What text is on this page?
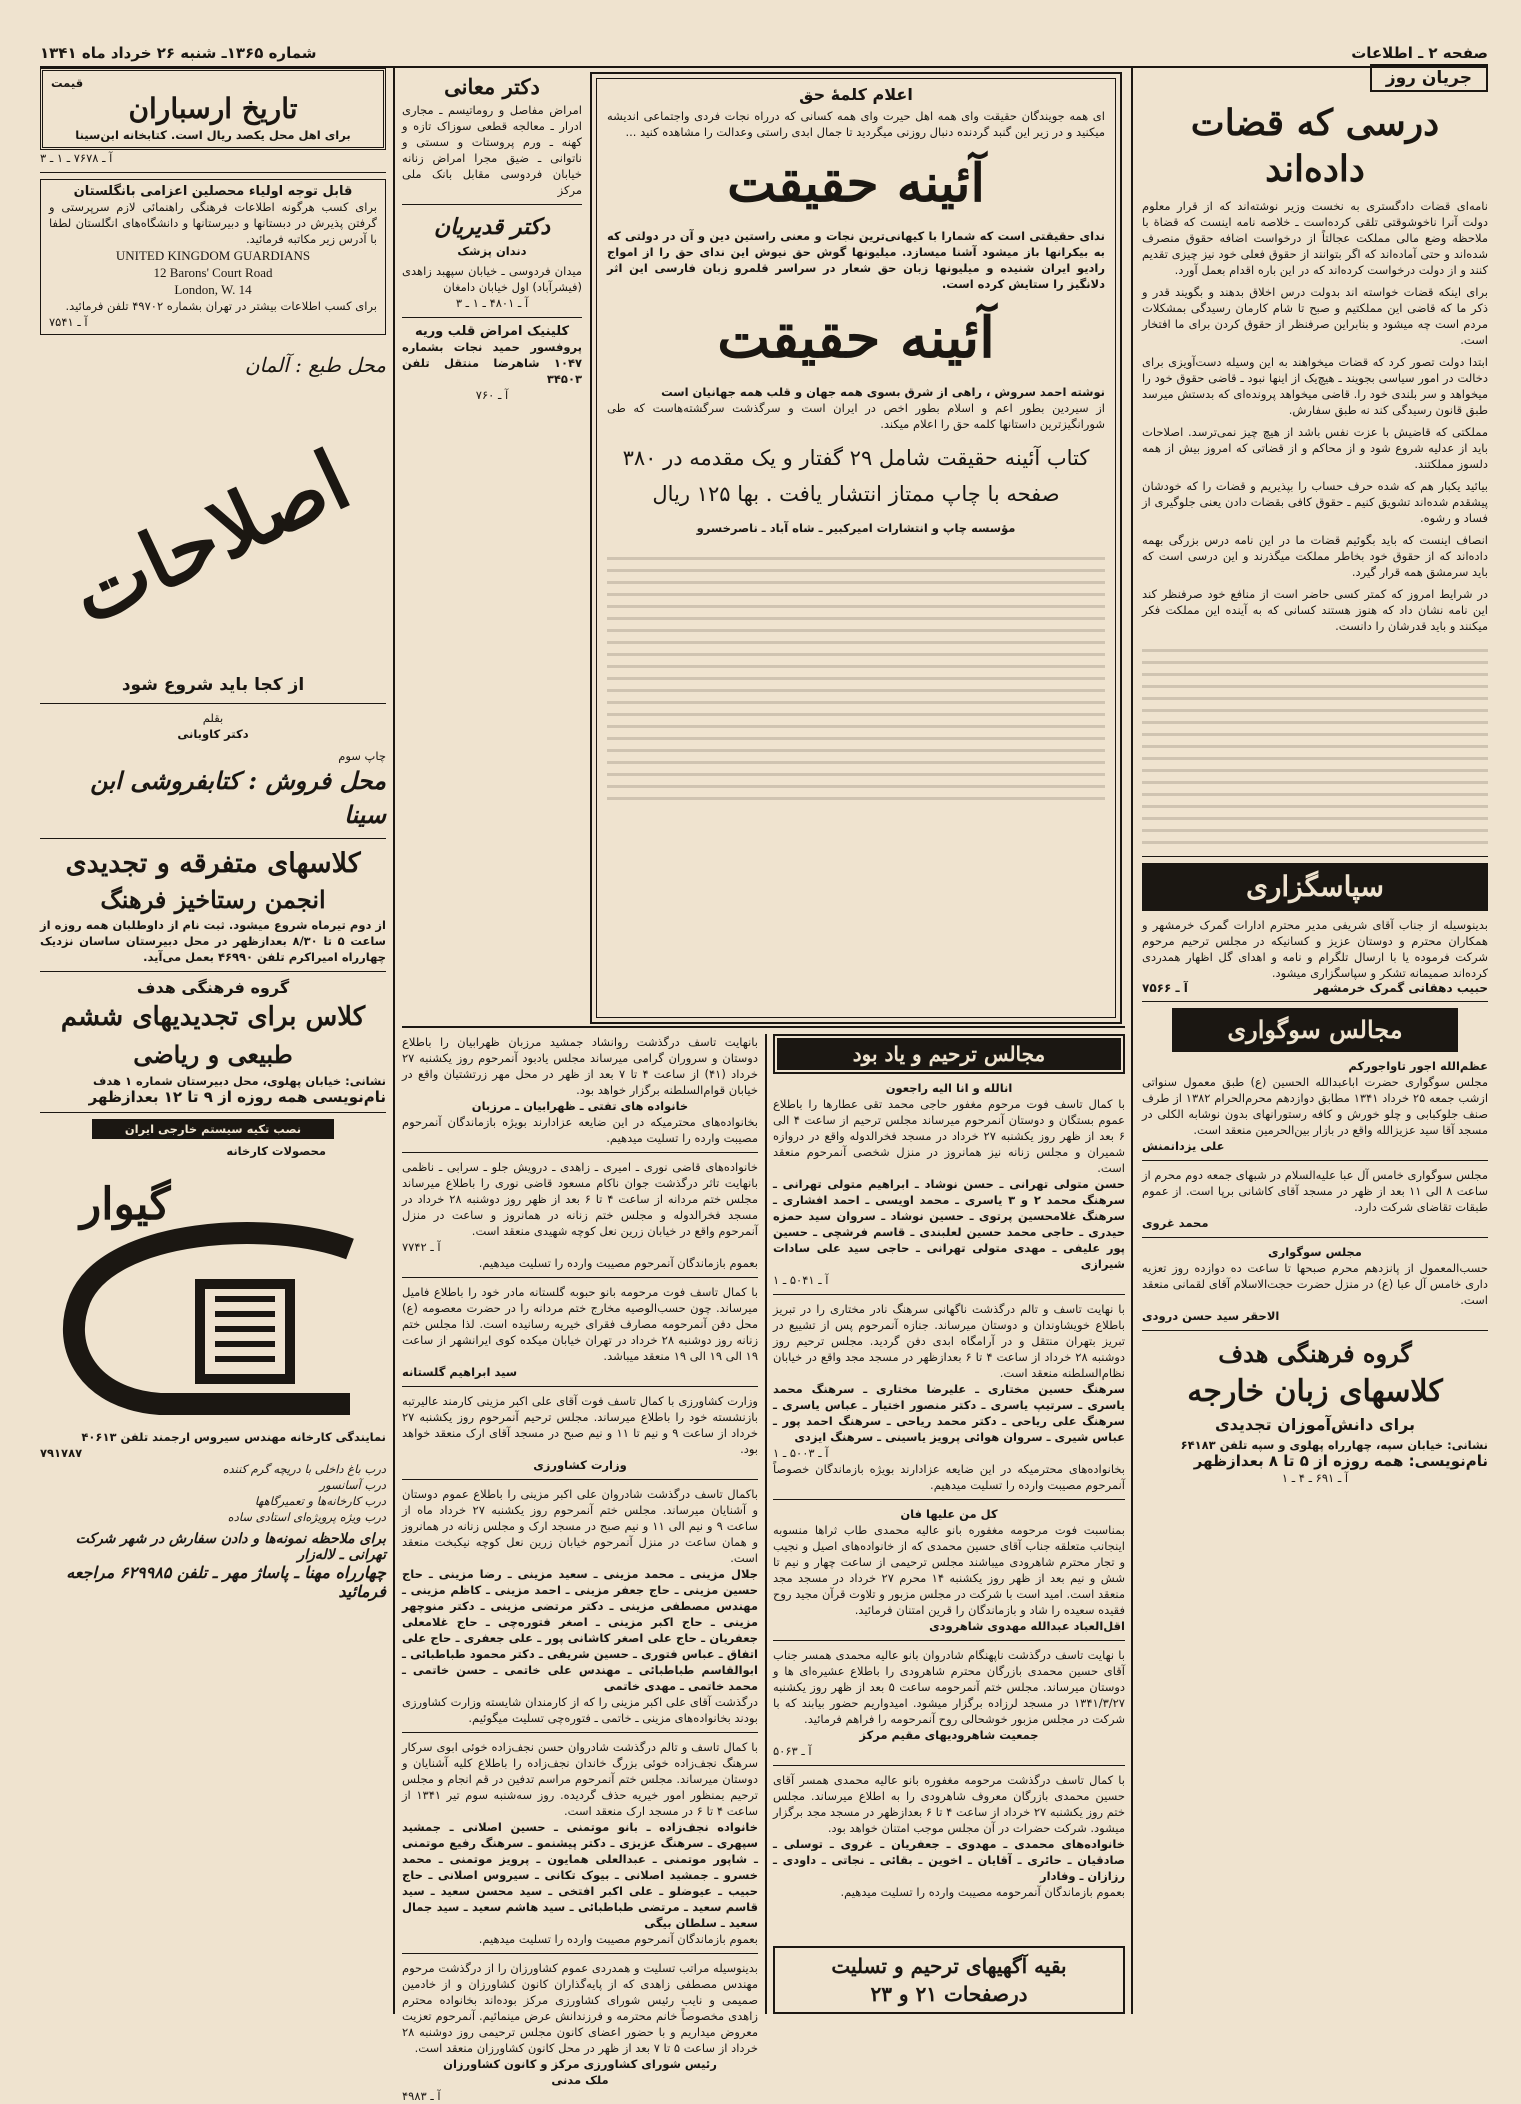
صفحه ۲ ـ اطلاعات
شماره ۱۳۶۵ـ شنبه ۲۶ خرداد ماه ۱۳۴۱
جریان روز
درسی که قضات داده‌اند

نامه‌ای قضات دادگستری به نخست وزیر نوشته‌اند که از قرار معلوم دولت آنرا ناخوشوقتی تلقی کرده‌است ـ خلاصه نامه اینست که قضاة با ملاحظه وضع مالی مملکت عجالتاً از درخواست اضافه حقوق منصرف شده‌اند و حتی آماده‌اند که اگر بتوانند از حقوق فعلی خود نیز چیزی تقدیم کنند و از دولت درخواست کرده‌اند که در این باره اقدام بعمل آورد.

برای اینکه قضات خواسته اند بدولت درس اخلاق بدهند و بگویند قدر و ذکر ما که قاضی این مملکتیم و صبح تا شام کارمان رسیدگی بمشکلات مردم است چه میشود و بنابراین صرفنظر از حقوق کردن برای ما افتخار است.

ابتدا دولت تصور کرد که قضات میخواهند به این وسیله دست‌آویزی برای دخالت در امور سیاسی بجویند ـ هیچ‌یک از اینها نبود ـ قاضی حقوق خود را میخواهد و سر بلندی خود را. قاضی میخواهد پرونده‌ای که بدستش میرسد طبق قانون رسیدگی کند نه طبق سفارش.

مملکتی که قاضیش با عزت نفس باشد از هیچ چیز نمی‌ترسد. اصلاحات باید از عدلیه شروع شود و از محاکم و از قضاتی که امروز بیش از همه دلسوز مملکتند.

بیائید یکبار هم که شده حرف حساب را بپذیریم و قضات را که خودشان پیشقدم شده‌اند تشویق کنیم ـ حقوق کافی بقضات دادن یعنی جلوگیری از فساد و رشوه.

انصاف اینست که باید بگوئیم قضات ما در این نامه درس بزرگی بهمه داده‌اند که از حقوق خود بخاطر مملکت میگذرند و این درسی است که باید سرمشق همه قرار گیرد.

در شرایط امروز که کمتر کسی حاضر است از منافع خود صرفنظر کند این نامه نشان داد که هنوز هستند کسانی که به آینده این مملکت فکر میکنند و باید قدرشان را دانست.

سپاسگزاری
بدینوسیله از جناب آقای شریفی مدیر محترم ادارات گمرک خرمشهر و همکاران محترم و دوستان عزیز و کسانیکه در مجلس ترحیم مرحوم شرکت فرموده یا با ارسال تلگرام و نامه و اهدای گل اظهار همدردی کرده‌اند صمیمانه تشکر و سپاسگزاری میشود.
حبیب دهقانی گمرک خرمشهر
آ ـ ۷۵۶۶
مجالس سوگواری
عظم‌الله اجور تاواجورکم
مجلس سوگواری حضرت اباعبدالله الحسین (ع) طبق معمول سنواتی ازشب جمعه ۲۵ خرداد ۱۳۴۱ مطابق دوازدهم محرم‌الحرام ۱۳۸۲ از طرف صنف جلوکبابی و چلو خورش و کافه رستورانهای بدون نوشابه الکلی در مسجد آقا سید عزیزالله واقع در بازار بین‌الحرمین منعقد است.
علی یزدانمنش
مجلس سوگواری خامس آل عبا علیه‌السلام در شبهای جمعه دوم محرم از ساعت ۸ الی ۱۱ بعد از ظهر در مسجد آقای کاشانی برپا است. از عموم طبقات تقاضای شرکت دارد.
محمد غروی
مجلس سوگواری
حسب‌المعمول از پانزدهم محرم صبحها تا ساعت ده دوازده روز تعزیه داری خامس آل عبا (ع) در منزل حضرت حجت‌الاسلام آقای لقمانی منعقد است.
الاحقر سید حسن درودی
گروه فرهنگی هدف
کلاسهای زبان خارجه
برای دانش‌آموزان تجدیدی
نشانی: خیابان سپه، چهارراه پهلوی و سپه تلفن ۶۴۱۸۳
نام‌نویسی: همه روزه از ۵ تا ۸ بعدازظهر
آ ـ ۶۹۱ ـ ۴ ـ ۱
اعلام کلمهٔ حق
ای همه جویندگان حقیقت وای همه اهل حیرت وای همه کسانی که درراه نجات فردی واجتماعی اندیشه میکنید و در زیر این گنبد گردنده دنبال روزنی میگردید تا جمال ابدی راستی وعدالت را مشاهده کنید ...
آئینه حقیقت
ندای حقیقتی است که شمارا با کیهانی‌ترین نجات و معنی راستین دین و آن در دولتی که به بیکرانها باز میشود آشنا میسازد. میلیونها گوش حق نیوش این ندای حق را از امواج رادیو ایران شنیده و میلیونها زبان حق شعار در سراسر قلمرو زبان فارسی این اثر دلانگیز را ستایش کرده است.
آئینه حقیقت
نوشته احمد سروش ، راهی از شرق بسوی همه جهان و قلب همه جهانیان است
از سیردین بطور اعم و اسلام بطور اخص در ایران است و سرگذشت سرگشته‌هاست که طی شورانگیزترین داستانها کلمه حق را اعلام میکند.
کتاب آئینه حقیقت شامل ۲۹ گفتار و یک مقدمه در ۳۸۰ صفحه با چاپ ممتاز انتشار یافت . بها ۱۲۵ ریال
مؤسسه چاپ و انتشارات امیرکبیر ـ شاه آباد ـ ناصرخسرو
دکتر معانی
امراض مفاصل و روماتیسم ـ مجاری ادرار ـ معالجه قطعی سوزاک تازه و کهنه ـ ورم پروستات و سستی و ناتوانی ـ ضیق مجرا امراض زنانه خیابان فردوسی مقابل بانک ملی مرکز
دکتر قدیریان
دندان پزشک
میدان فردوسی ـ خیابان سپهبد زاهدی (فیشرآباد) اول خیابان دامغان
آ ـ ۴۸۰۱ ـ ۱ ـ ۳
کلینیک امراض قلب وریه
پروفسور حمید نجات بشماره ۱۰۴۷ شاهرضا منتقل تلفن ۳۴۵۰۳
آ ـ ۷۶۰
قیمت
تاریخ ارسباران
برای اهل محل یکصد ریال است. کتابخانه ابن‌سینا
آ ـ ۷۶۷۸ ـ ۱ ـ ۳
قابل توجه اولیاء محصلین اعزامی بانگلستان
برای کسب هرگونه اطلاعات فرهنگی راهنمائی لازم سرپرستی و گرفتن پذیرش در دبستانها و دبیرستانها و دانشگاه‌های انگلستان لطفا با آدرس زیر مکاتبه فرمائید.
UNITED KINGDOM GUARDIANS
12 Barons' Court Road
London, W. 14
برای کسب اطلاعات بیشتر در تهران بشماره ۴۹۷۰۲ تلفن فرمائید.
آ ـ ۷۵۴۱
محل طبع : آلمان
اصلاحات
از کجا باید شروع شود
بقلم
دکتر کاوبانی
چاپ سوم
محل فروش : کتابفروشی ابن سینا
کلاسهای متفرقه و تجدیدی
انجمن رستاخیز فرهنگ
از دوم تیرماه شروع میشود. ثبت نام از داوطلبان همه روزه از ساعت ۵ تا ۸/۳۰ بعدازظهر در محل دبیرستان ساسان نزدیک چهارراه امیراکرم تلفن ۴۶۹۹۰ بعمل می‌آید.
گروه فرهنگی هدف
کلاس برای تجدیدیهای ششم
طبیعی و ریاضی
نشانی: خیابان پهلوی، محل دبیرستان شماره ۱ هدف
نام‌نویسی همه روزه از ۹ تا ۱۲ بعدازظهر
نصب تکیه سیستم خارجی ایران
محصولات کارخانه
گیوار
نمایندگی کارخانه مهندس سیروس ارجمند تلفن ۴۰۶۱۳
۷۹۱۷۸۷
درب باغ داخلی با دریچه گرم کننده
درب آسانسور
درب کارخانه‌ها و تعمیرگاهها
درب ویژه پرویژه‌ای استادی ساده
برای ملاحظه نمونه‌ها و دادن سفارش در شهر شرکت تهرانی ـ لاله‌زار
چهارراه مهنا ـ پاساژ مهر ـ تلفن ۶۲۹۹۸۵ مراجعه فرمائید
مجالس ترحیم و یاد بود
انالله و انا الیه راجعون
با کمال تاسف فوت مرحوم مغفور حاجی محمد تقی عطارها را باطلاع عموم بستگان و دوستان آنمرحوم میرساند مجلس ترحیم از ساعت ۴ الی ۶ بعد از ظهر روز یکشنبه ۲۷ خرداد در مسجد فخرالدوله واقع در دروازه شمیران و مجلس زنانه نیز همانروز در منزل شخصی آنمرحوم منعقد است.
حسن متولی تهرانی ـ حسن نوشاد ـ ابراهیم متولی تهرانی ـ سرهنگ محمد ۲ و ۳ یاسری ـ محمد اویسی ـ احمد افشاری ـ سرهنگ غلامحسین پرتوی ـ حسین نوشاد ـ سروان سید حمزه حیدری ـ حاجی محمد حسین لعلبندی ـ قاسم فرشچی ـ حسین پور علیفی ـ مهدی متولی تهرانی ـ حاجی سید علی سادات شیرازی
آ ـ ۵۰۴۱ ـ ۱
با نهایت تاسف و تالم درگذشت ناگهانی سرهنگ نادر مختاری را در تبریز باطلاع خویشاوندان و دوستان میرساند. جنازه آنمرحوم پس از تشییع در تبریز بتهران منتقل و در آرامگاه ابدی دفن گردید. مجلس ترحیم روز دوشنبه ۲۸ خرداد از ساعت ۴ تا ۶ بعدازظهر در مسجد مجد واقع در خیابان نظام‌السلطنه منعقد است.
سرهنگ حسین مختاری ـ علیرضا مختاری ـ سرهنگ محمد یاسری ـ سرتیپ یاسری ـ دکتر منصور اختیار ـ عباس یاسری ـ سرهنگ علی ریاحی ـ دکتر محمد ریاحی ـ سرهنگ احمد پور ـ عباس شیری ـ سروان هوائی پرویز یاسینی ـ سرهنگ ایزدی
آ ـ ۵۰۰۳ ـ ۱
بخانواده‌های محترمیکه در این ضایعه عزادارند بویژه بازماندگان خصوصاً آنمرحوم مصیبت وارده را تسلیت میدهیم.
کل من علیها فان
بمناسبت فوت مرحومه مغفوره بانو عالیه محمدی طاب ثراها منسوبه اینجانب متعلقه جناب آقای حسین محمدی که از خانواده‌های اصیل و نجیب و تجار محترم شاهرودی میباشند مجلس ترحیمی از ساعت چهار و نیم تا شش و نیم بعد از ظهر روز یکشنبه ۱۴ محرم ۲۷ خرداد در مسجد مجد منعقد است. امید است با شرکت در مجلس مزبور و تلاوت قرآن مجید روح فقیده سعیده را شاد و بازماندگان را قرین امتنان فرمائید.
اقل‌العباد عبدالله مهدوی شاهرودی
با نهایت تاسف درگذشت ناپهنگام شادروان بانو عالیه محمدی همسر جناب آقای حسین محمدی بازرگان محترم شاهرودی را باطلاع عشیره‌ای ها و دوستان میرساند. مجلس ختم آنمرحومه ساعت ۵ بعد از ظهر روز یکشنبه ۱۳۴۱/۳/۲۷ در مسجد لرزاده برگزار میشود. امیدواریم حضور بیابند که با شرکت در مجلس مزبور خوشحالی روح آنمرحومه را فراهم فرمائید.
جمعیت شاهرودیهای مقیم مرکز
آ ـ ۵۰۶۳
با کمال تاسف درگذشت مرحومه مغفوره بانو عالیه محمدی همسر آقای حسین محمدی بازرگان معروف شاهرودی را به اطلاع میرساند. مجلس ختم روز یکشنبه ۲۷ خرداد از ساعت ۴ تا ۶ بعدازظهر در مسجد مجد برگزار میشود. شرکت حضرات در آن مجلس موجب امتنان خواهد بود.
خانواده‌های محمدی ـ مهدوی ـ جعفریان ـ غروی ـ توسلی ـ صادقیان ـ حائری ـ آقایان ـ اخوین ـ بقائی ـ نجاتی ـ داودی ـ رزازان ـ وفادار
بعموم بازماندگان آنمرحومه مصیبت وارده را تسلیت میدهیم.
بقیه آگهیهای ترحیم و تسلیت
درصفحات ۲۱ و ۲۳
بانهایت تاسف درگذشت روانشاد جمشید مرزبان ظهرابیان را باطلاع دوستان و سروران گرامی میرساند مجلس یادبود آنمرحوم روز یکشنبه ۲۷ خرداد (۴۱) از ساعت ۴ تا ۷ بعد از ظهر در محل مهر زرتشتیان واقع در خیابان قوام‌السلطنه برگزار خواهد بود.
خانواده های تفتی ـ ظهرابیان ـ مرزبان
بخانواده‌های محترمیکه در این ضایعه عزادارند بویژه بازماندگان آنمرحوم مصیبت وارده را تسلیت میدهیم.
خانواده‌های قاضی نوری ـ امیری ـ زاهدی ـ درویش جلو ـ سرابی ـ ناظمی بانهایت تاثر درگذشت جوان ناکام مسعود قاضی نوری را باطلاع میرساند مجلس ختم مردانه از ساعت ۴ تا ۶ بعد از ظهر روز دوشنبه ۲۸ خرداد در مسجد فخرالدوله و مجلس ختم زنانه در همانروز و ساعت در منزل آنمرحوم واقع در خیابان زرین نعل کوچه شهیدی منعقد است.
آ ـ ۷۷۴۲
بعموم بازماندگان آنمرحوم مصیبت وارده را تسلیت میدهیم.
با کمال تاسف فوت مرحومه بانو حبوبه گلستانه مادر خود را باطلاع فامیل میرساند. چون حسب‌الوصیه مخارج ختم مردانه را در حضرت معصومه (ع) محل دفن آنمرحومه مصارف فقرای خیریه رسانیده است. لذا مجلس ختم زنانه روز دوشنبه ۲۸ خرداد در تهران خیابان میکده کوی ایرانشهر از ساعت ۱۹ الی ۱۹ الی ۱۹ منعقد میباشد.
سید ابراهیم گلستانه
وزارت کشاورزی با کمال تاسف فوت آقای علی اکبر مزینی کارمند عالیرتبه بازنشسته خود را باطلاع میرساند. مجلس ترحیم آنمرحوم روز یکشنبه ۲۷ خرداد از ساعت ۹ و نیم تا ۱۱ و نیم صبح در مسجد آقای ارک منعقد خواهد بود.
وزارت کشاورزی
باکمال تاسف درگذشت شادروان علی اکبر مزینی را باطلاع عموم دوستان و آشنایان میرساند. مجلس ختم آنمرحوم روز یکشنبه ۲۷ خرداد ماه از ساعت ۹ و نیم الی ۱۱ و نیم صبح در مسجد ارک و مجلس زنانه در همانروز و همان ساعت در منزل آنمرحوم خیابان زرین نعل کوچه نیکبخت منعقد است.
جلال مزینی ـ محمد مزینی ـ سعید مزینی ـ رضا مزینی ـ حاج حسین مزینی ـ حاج جعفر مزینی ـ احمد مزینی ـ کاظم مزینی ـ مهندس مصطفی مزینی ـ دکتر مرتضی مزینی ـ دکتر منوچهر مزینی ـ حاج اکبر مزینی ـ اصغر فتوره‌چی ـ حاج غلامعلی جعفریان ـ حاج علی اصغر کاشانی پور ـ علی جعفری ـ حاج علی اتفاق ـ عباس فتوری ـ حسین شریفی ـ دکتر محمود طباطبائی ـ ابوالقاسم طباطبائی ـ مهندس علی خاتمی ـ حسن خاتمی ـ محمد خاتمی ـ مهدی خاتمی
درگذشت آقای علی اکبر مزینی را که از کارمندان شایسته وزارت کشاورزی بودند بخانواده‌های مزینی ـ خاتمی ـ فتوره‌چی تسلیت میگوئیم.
با کمال تاسف و تالم درگذشت شادروان حسن نجف‌زاده خوئی ابوی سرکار سرهنگ نجف‌زاده خوئی بزرگ خاندان نجف‌زاده را باطلاع کلیه آشنایان و دوستان میرساند. مجلس ختم آنمرحوم مراسم تدفین در قم انجام و مجلس ترحیم بمنظور امور خیریه حذف گردیده. روز سه‌شنبه سوم تیر ۱۳۴۱ از ساعت ۴ تا ۶ در مسجد ارک منعقد است.
خانواده نجف‌زاده ـ بانو موتمنی ـ حسین اصلانی ـ جمشید سپهری ـ سرهنگ عزیزی ـ دکتر پیشنمو ـ سرهنگ رفیع موتمنی ـ شاپور موتمنی ـ عبدالعلی همایون ـ پرویز موتمنی ـ محمد خسرو ـ جمشید اصلانی ـ بیوک تکانی ـ سیروس اصلانی ـ حاج حبیب ـ عیوضلو ـ علی اکبر افتخی ـ سید محسن سعید ـ سید قاسم سعید ـ مرتضی طباطبائی ـ سید هاشم سعید ـ سید جمال سعید ـ سلطان بیگی
بعموم بازماندگان آنمرحوم مصیبت وارده را تسلیت میدهیم.
بدینوسیله مراتب تسلیت و همدردی عموم کشاورزان را از درگذشت مرحوم مهندس مصطفی زاهدی که از پایه‌گذاران کانون کشاورزان و از خادمین صمیمی و نایب رئیس شورای کشاورزی مرکز بوده‌اند بخانواده محترم زاهدی مخصوصاً خانم محترمه و فرزندانش عرض مینمائیم. آنمرحوم تعزیت معروض میداریم و با حضور اعضای کانون مجلس ترحیمی روز دوشنبه ۲۸ خرداد از ساعت ۵ تا ۷ بعد از ظهر در محل کانون کشاورزان منعقد است.
رئیس شورای کشاورزی مرکز و کانون کشاورزان
ملک مدنی
آ ـ ۴۹۸۳
